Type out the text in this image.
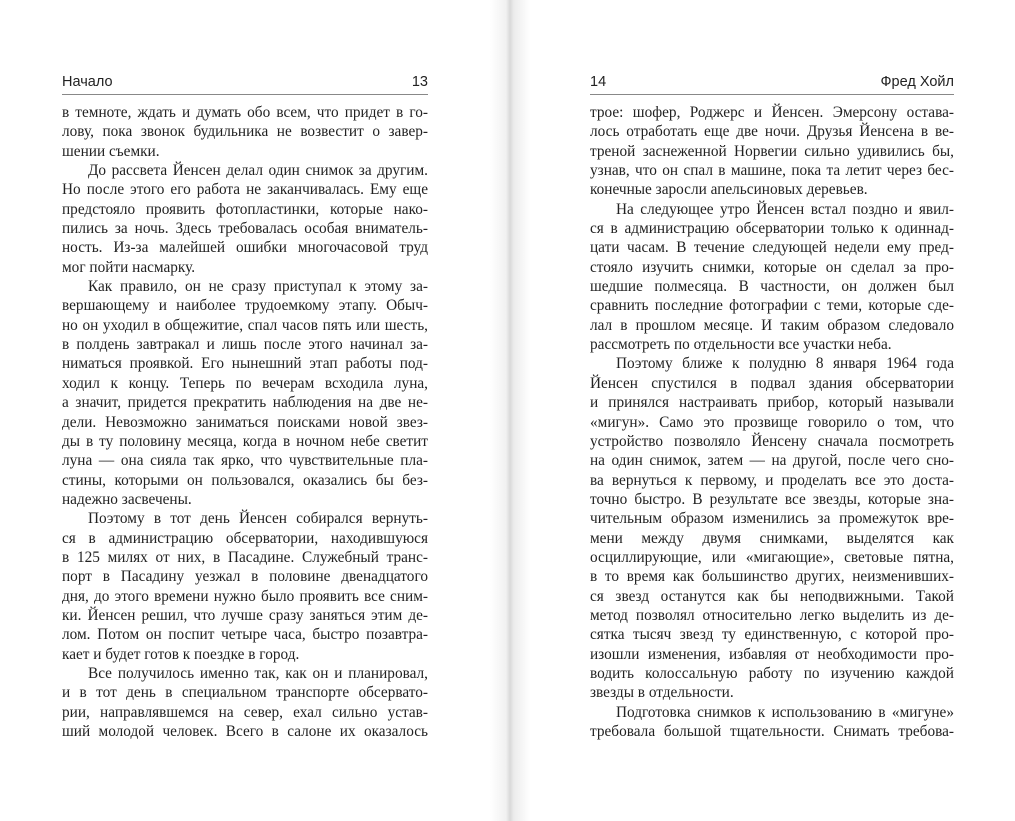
Начало	13
в темноте, ждать и думать обо всем, что придет в го-
лову, пока звонок будильника не возвестит о завер-
шении съемки.
До рассвета Йенсен делал один снимок за другим.
Но после этого его работа не заканчивалась. Ему еще
предстояло проявить фотопластинки, которые нако-
пились за ночь. Здесь требовалась особая вниматель-
ность. Из-за малейшей ошибки многочасовой труд
мог пойти насмарку.
Как правило, он не сразу приступал к этому за-
вершающему и наиболее трудоемкому этапу. Обыч-
но он уходил в общежитие, спал часов пять или шесть,
в полдень завтракал и лишь после этого начинал за-
ниматься проявкой. Его нынешний этап работы под-
ходил к концу. Теперь по вечерам всходила луна,
а значит, придется прекратить наблюдения на две не-
дели. Невозможно заниматься поисками новой звез-
ды в ту половину месяца, когда в ночном небе светит
луна — она сияла так ярко, что чувствительные пла-
стины, которыми он пользовался, оказались бы без-
надежно засвечены.
Поэтому в тот день Йенсен собирался вернуть-
ся в администрацию обсерватории, находившуюся
в 125 милях от них, в Пасадине. Служебный транс-
порт в Пасадину уезжал в половине двенадцатого
дня, до этого времени нужно было проявить все сним-
ки. Йенсен решил, что лучше сразу заняться этим де-
лом. Потом он поспит четыре часа, быстро позавтра-
кает и будет готов к поездке в город.
Все получилось именно так, как он и планировал,
и в тот день в специальном транспорте обсервато-
рии, направлявшемся на север, ехал сильно устав-
ший молодой человек. Всего в салоне их оказалось
14	Фред Хойл
трое: шофер, Роджерс и Йенсен. Эмерсону остава-
лось отработать еще две ночи. Друзья Йенсена в ве-
треной заснеженной Норвегии сильно удивились бы,
узнав, что он спал в машине, пока та летит через бес-
конечные заросли апельсиновых деревьев.
На следующее утро Йенсен встал поздно и явил-
ся в администрацию обсерватории только к одиннад-
цати часам. В течение следующей недели ему пред-
стояло изучить снимки, которые он сделал за про-
шедшие полмесяца. В частности, он должен был
сравнить последние фотографии с теми, которые сде-
лал в прошлом месяце. И таким образом следовало
рассмотреть по отдельности все участки неба.
Поэтому ближе к полудню 8 января 1964 года
Йенсен спустился в подвал здания обсерватории
и принялся настраивать прибор, который называли
«мигун». Само это прозвище говорило о том, что
устройство позволяло Йенсену сначала посмотреть
на один снимок, затем — на другой, после чего сно-
ва вернуться к первому, и проделать все это доста-
точно быстро. В результате все звезды, которые зна-
чительным образом изменились за промежуток вре-
мени между двумя снимками, выделятся как
осциллирующие, или «мигающие», световые пятна,
в то время как большинство других, неизменивших-
ся звезд останутся как бы неподвижными. Такой
метод позволял относительно легко выделить из де-
сятка тысяч звезд ту единственную, с которой про-
изошли изменения, избавляя от необходимости про-
водить колоссальную работу по изучению каждой
звезды в отдельности.
Подготовка снимков к использованию в «мигуне»
требовала большой тщательности. Снимать требова-
